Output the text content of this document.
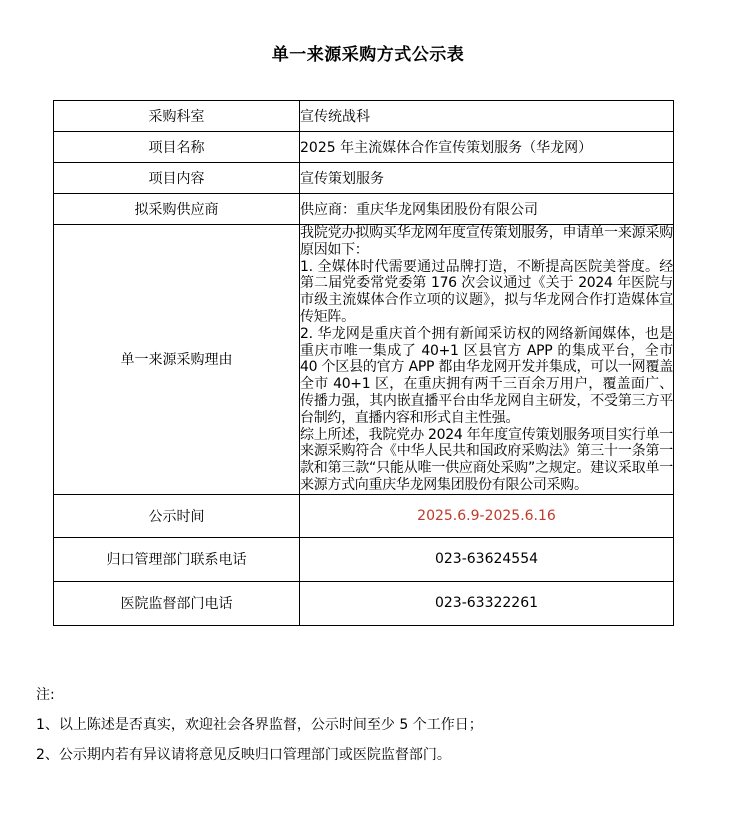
单一来源采购方式公示表
采购科室	宣传统战科
项目名称	2025 年主流媒体合作宣传策划服务（华龙网）
项目内容	宣传策划服务
拟采购供应商	供应商：重庆华龙网集团股份有限公司
单一来源采购理由	我院党办拟购买华龙网年度宣传策划服务，申请单一来源采购原因如下：

1. 全媒体时代需要通过品牌打造，不断提高医院美誉度。经第二届党委常党委第 176 次会议通过《关于 2024 年医院与市级主流媒体合作立项的议题》，拟与华龙网合作打造媒体宣传矩阵。

2. 华龙网是重庆首个拥有新闻采访权的网络新闻媒体，也是重庆市唯一集成了 40+1 区县官方 APP 的集成平台，全市 40 个区县的官方 APP 都由华龙网开发并集成，可以一网覆盖全市 40+1 区，在重庆拥有两千三百余万用户，覆盖面广、传播力强，其内嵌直播平台由华龙网自主研发，不受第三方平台制约，直播内容和形式自主性强。

综上所述，我院党办 2024 年年度宣传策划服务项目实行单一来源采购符合《中华人民共和国政府采购法》第三十一条第一款和第三款“只能从唯一供应商处采购”之规定。建议采取单一来源方式向重庆华龙网集团股份有限公司采购。

公示时间	2025.6.9-2025.6.16
归口管理部门联系电话	023-63624554
医院监督部门电话	023-63322261
注:
1、以上陈述是否真实，欢迎社会各界监督，公示时间至少 5 个工作日；
2、公示期内若有异议请将意见反映归口管理部门或医院监督部门。
